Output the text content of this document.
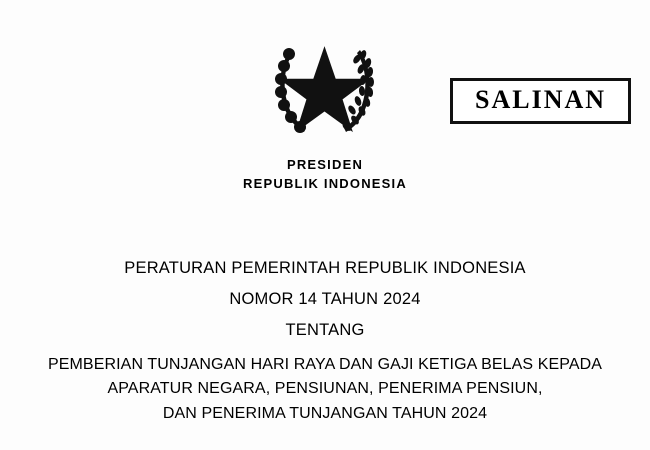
PRESIDEN
REPUBLIK INDONESIA
SALINAN
PERATURAN PEMERINTAH REPUBLIK INDONESIA
NOMOR 14 TAHUN 2024
TENTANG
PEMBERIAN TUNJANGAN HARI RAYA DAN GAJI KETIGA BELAS KEPADA
APARATUR NEGARA, PENSIUNAN, PENERIMA PENSIUN,
DAN PENERIMA TUNJANGAN TAHUN 2024
